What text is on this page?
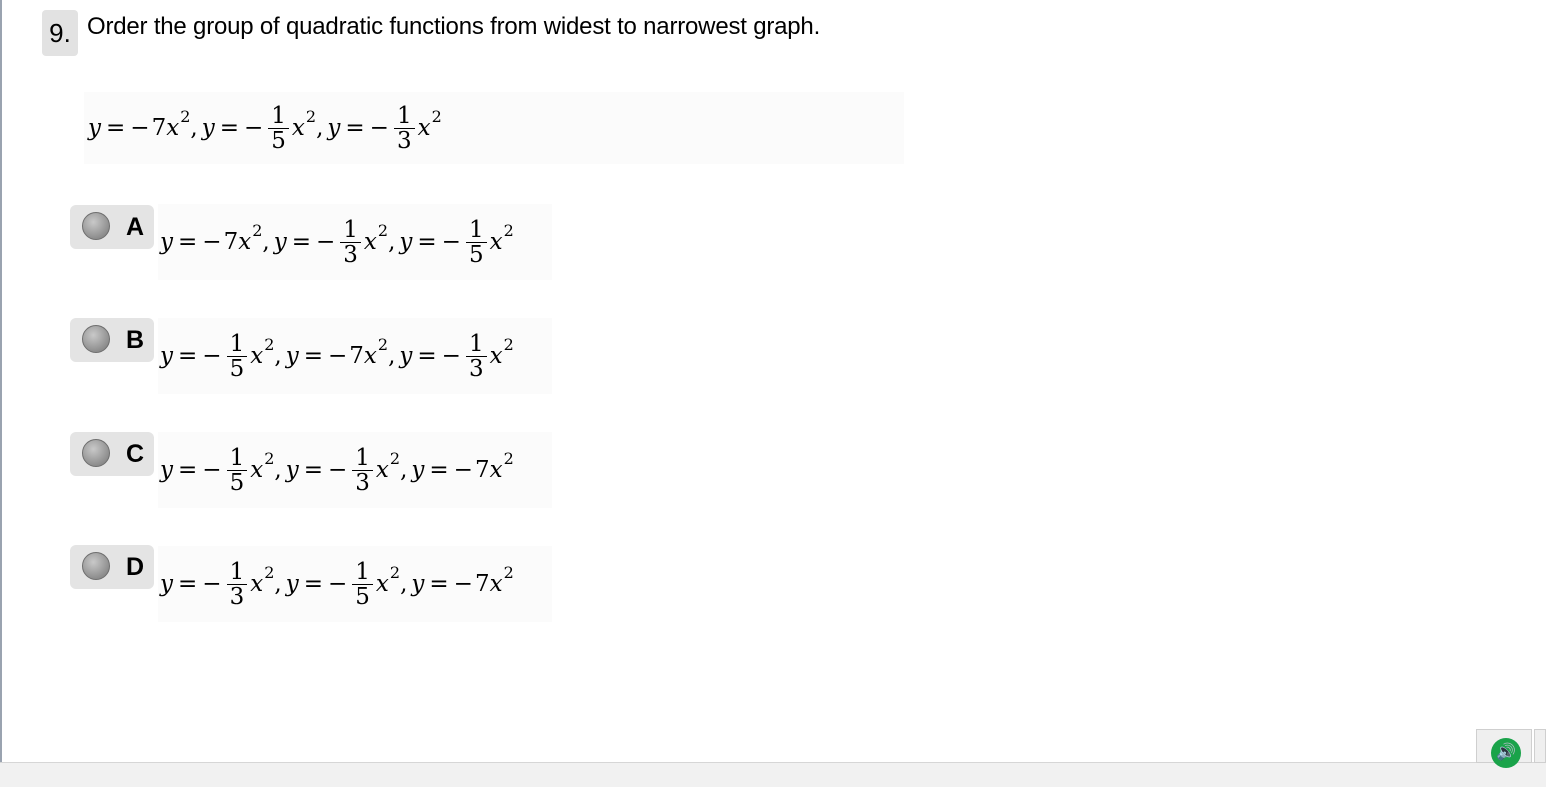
9. Order the group of quadratic functions from widest to narrowest graph.
y = − 7 x 2 , y = − $\frac{1}{5}$ x 2 , y = − $\frac{1}{3}$ x 2
A
y = − 7 x 2 , y = − $\frac{1}{3}$ x 2 , y = − $\frac{1}{5}$ x 2
B
y = − $\frac{1}{5}$ x 2 , y = − 7 x 2 , y = − $\frac{1}{3}$ x 2
C
y = − $\frac{1}{5}$ x 2 , y = − $\frac{1}{3}$ x 2 , y = − 7 x 2
D
y = − $\frac{1}{3}$ x 2 , y = − $\frac{1}{5}$ x 2 , y = − 7 x 2
🔊
